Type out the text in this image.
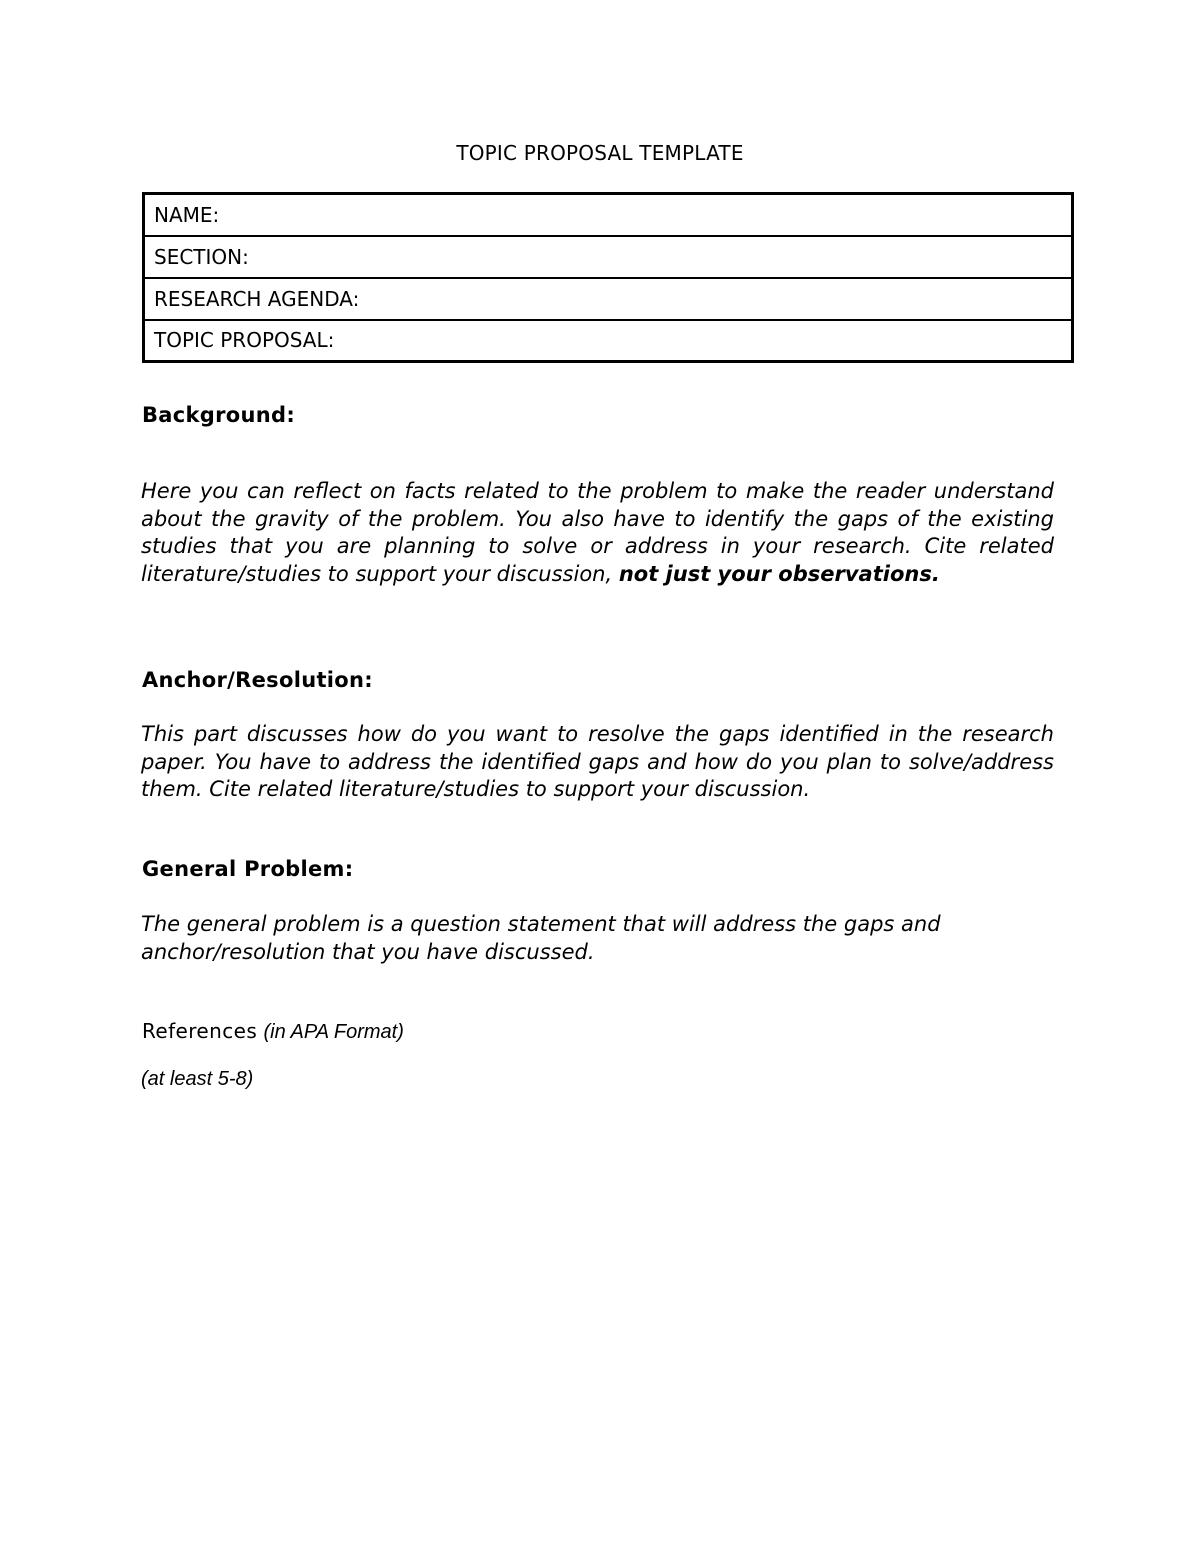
TOPIC PROPOSAL TEMPLATE
NAME:
SECTION:
RESEARCH AGENDA:
TOPIC PROPOSAL:
Background:
Here you can reflect on facts related to the problem to make the reader understand about the gravity of the problem. You also have to identify the gaps of the existing studies that you are planning to solve or address in your research. Cite related literature/studies to support your discussion, not just your observations.
Anchor/Resolution:
This part discusses how do you want to resolve the gaps identified in the research paper. You have to address the identified gaps and how do you plan to solve/address them. Cite related literature/studies to support your discussion.
General Problem:
The general problem is a question statement that will address the gaps and anchor/resolution that you have discussed.
References (in APA Format)
(at least 5-8)
